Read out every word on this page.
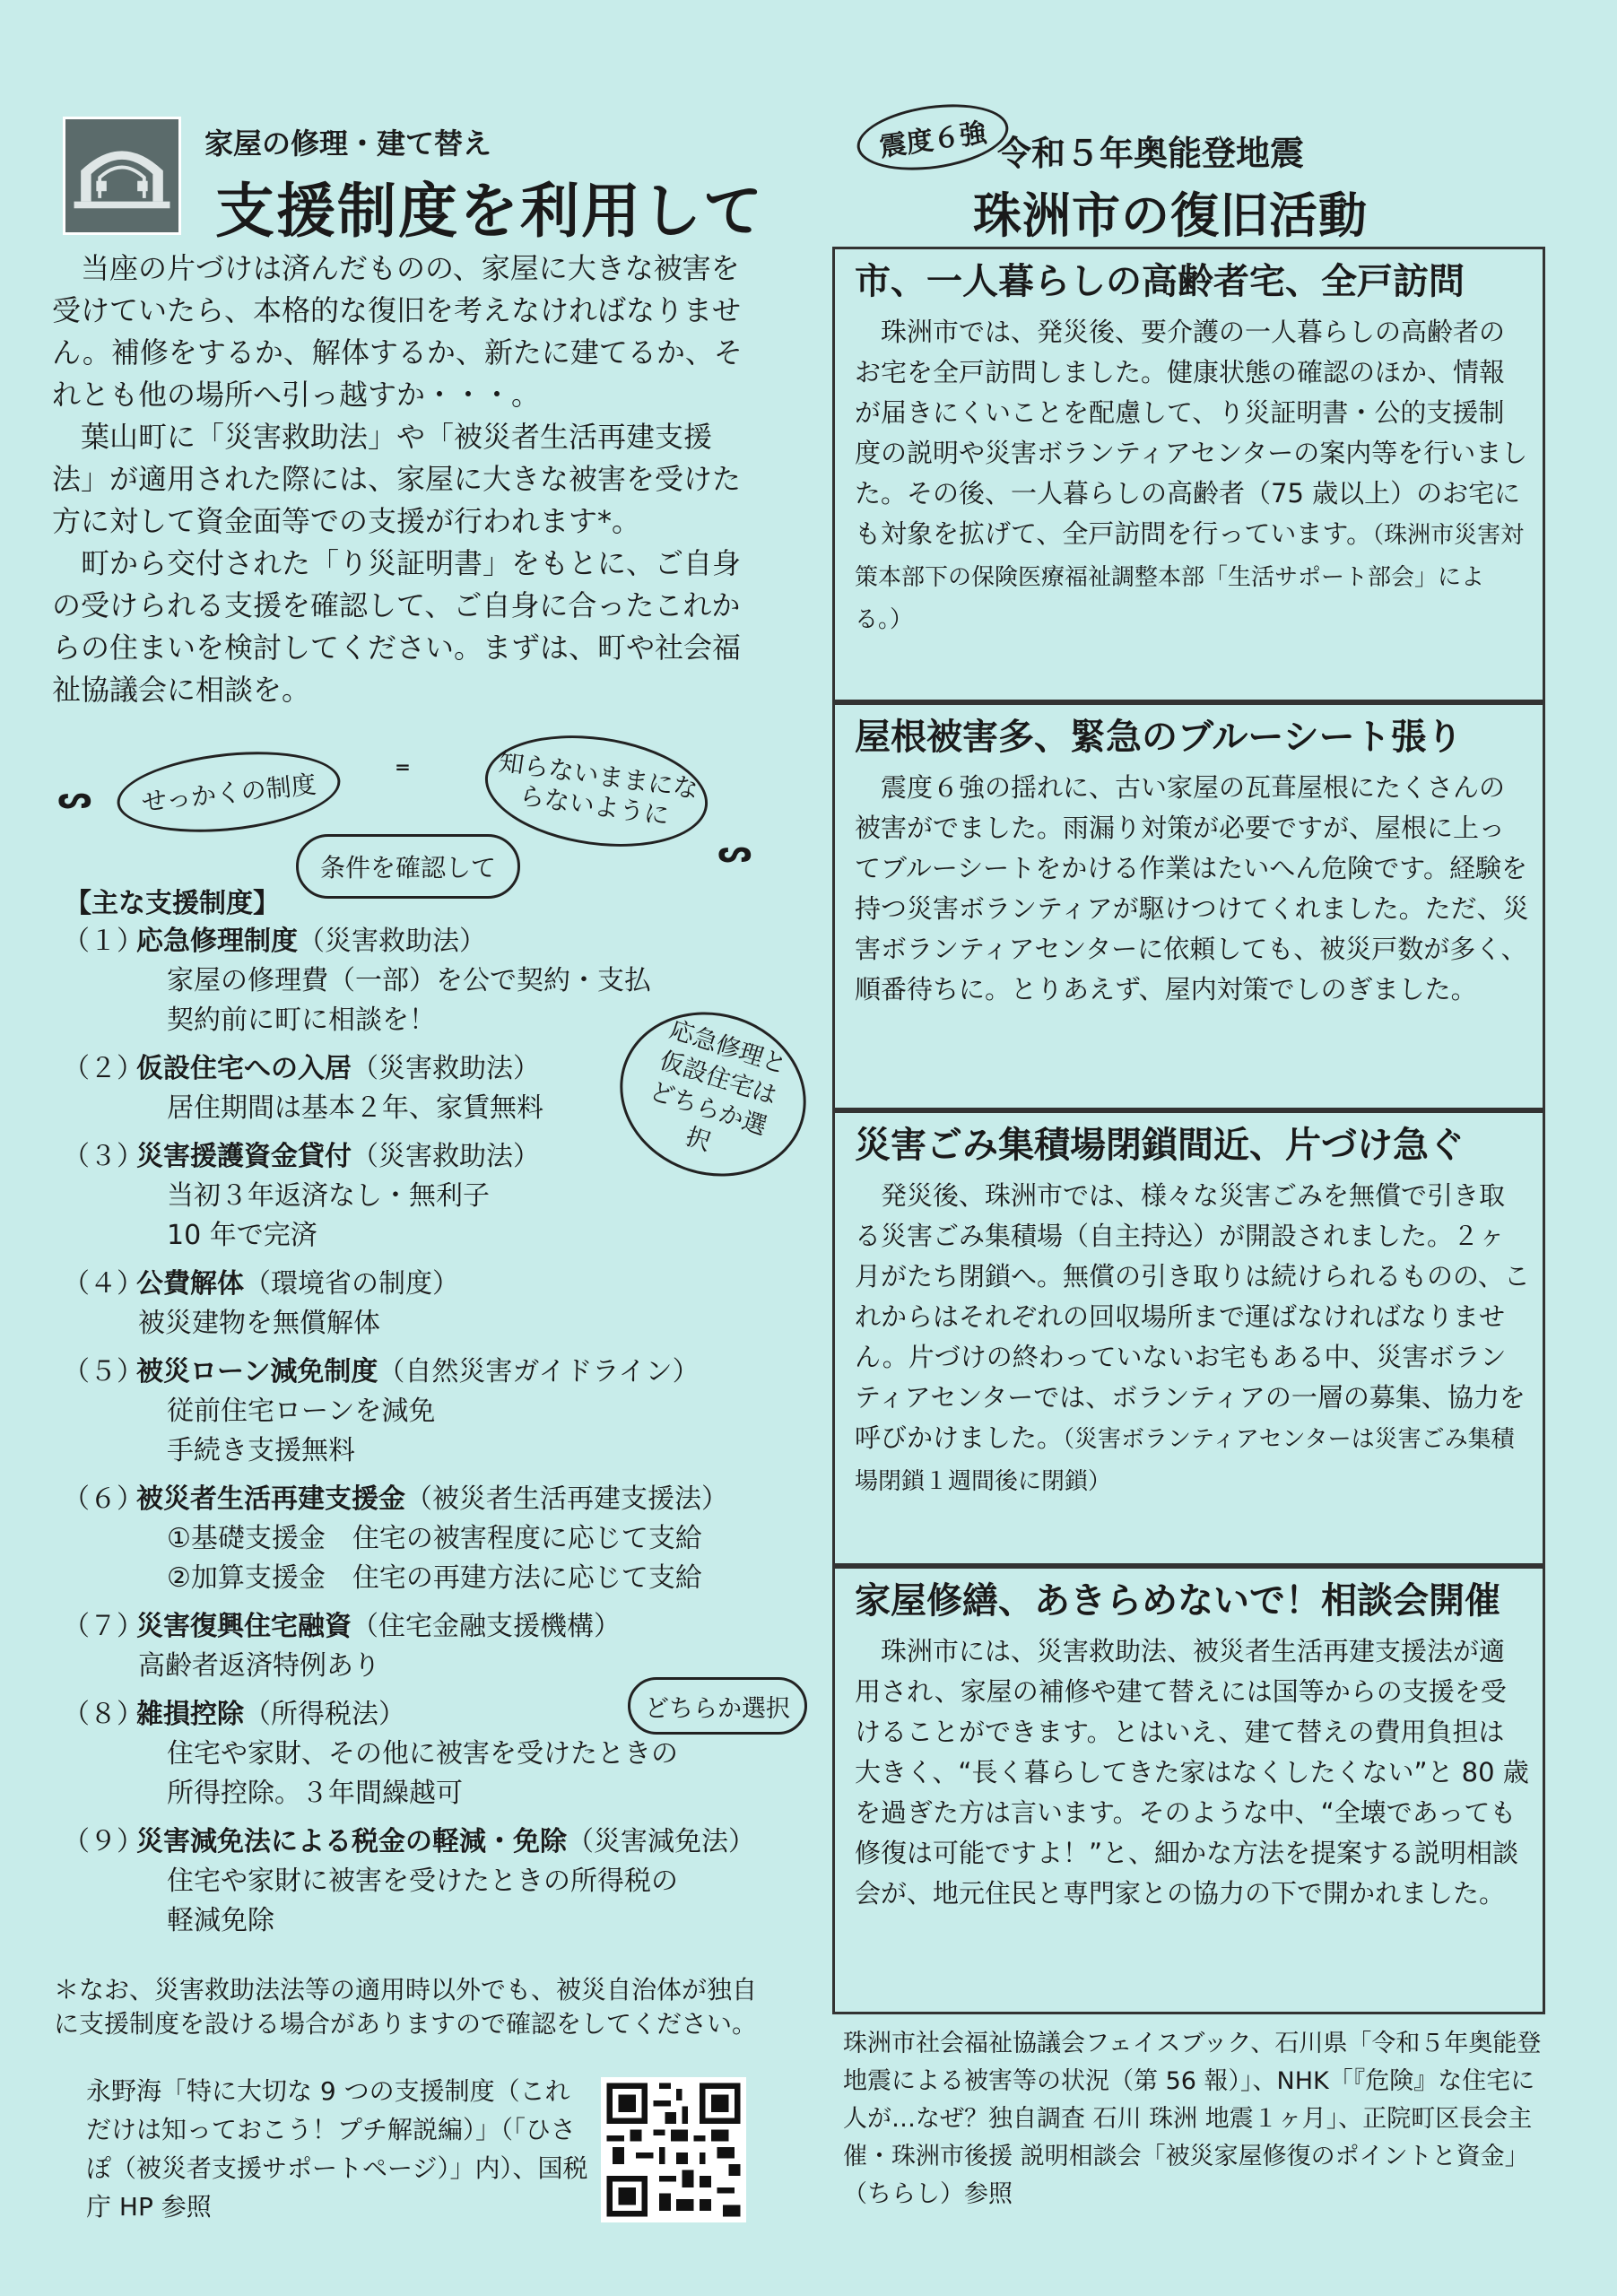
家屋の修理・建て替え
支援制度を利用して

当座の片づけは済んだものの、家屋に大きな被害を受けていたら、本格的な復旧を考えなければなりません。補修をするか、解体するか、新たに建てるか、それとも他の場所へ引っ越すか・・・。

葉山町に「災害救助法」や「被災者生活再建支援法」が適用された際には、家屋に大きな被害を受けた方に対して資金面等での支援が行われます*。

町から交付された「り災証明書」をもとに、ご自身の受けられる支援を確認して、ご自身に合ったこれからの住まいを検討してください。まずは、町や社会福祉協議会に相談を。

せっかくの制度	知らないままにならないように
条件を確認して
応急修理と仮設住宅はどちらか選択
どちらか選択
ᔕ
⁼
ᔕ
【主な支援制度】
（１）応急修理制度（災害救助法）
家屋の修理費（一部）を公で契約・支払
契約前に町に相談を！
（２）仮設住宅への入居（災害救助法）
居住期間は基本２年、家賃無料
（３）災害援護資金貸付（災害救助法）
当初３年返済なし・無利子
10 年で完済
（４）公費解体（環境省の制度）
被災建物を無償解体
（５）被災ローン減免制度（自然災害ガイドライン）
従前住宅ローンを減免
手続き支援無料
（６）被災者生活再建支援金（被災者生活再建支援法）
①基礎支援金　住宅の被害程度に応じて支給
②加算支援金　住宅の再建方法に応じて支給
（７）災害復興住宅融資（住宅金融支援機構）
高齢者返済特例あり
（８）雑損控除（所得税法）
住宅や家財、その他に被害を受けたときの
所得控除。３年間繰越可
（９）災害減免法による税金の軽減・免除（災害減免法）
住宅や家財に被害を受けたときの所得税の
軽減免除
＊なお、災害救助法法等の適用時以外でも、被災自治体が独自に支援制度を設ける場合がありますので確認をしてください。
永野海「特に大切な 9 つの支援制度（これだけは知っておこう！プチ解説編）」（「ひさぽ（被災者支援サポートページ）」内）、国税庁 HP 参照
震度６強 令和５年奥能登地震
珠洲市の復旧活動
市、一人暮らしの高齢者宅、全戸訪問

珠洲市では、発災後、要介護の一人暮らしの高齢者のお宅を全戸訪問しました。健康状態の確認のほか、情報が届きにくいことを配慮して、り災証明書・公的支援制度の説明や災害ボランティアセンターの案内等を行いました。その後、一人暮らしの高齢者（75 歳以上）のお宅にも対象を拡げて、全戸訪問を行っています。（珠洲市災害対策本部下の保険医療福祉調整本部「生活サポート部会」による。）

屋根被害多、緊急のブルーシート張り

震度６強の揺れに、古い家屋の瓦葺屋根にたくさんの被害がでました。雨漏り対策が必要ですが、屋根に上ってブルーシートをかける作業はたいへん危険です。経験を持つ災害ボランティアが駆けつけてくれました。ただ、災害ボランティアセンターに依頼しても、被災戸数が多く、順番待ちに。とりあえず、屋内対策でしのぎました。

災害ごみ集積場閉鎖間近、片づけ急ぐ

発災後、珠洲市では、様々な災害ごみを無償で引き取る災害ごみ集積場（自主持込）が開設されました。２ヶ月がたち閉鎖へ。無償の引き取りは続けられるものの、これからはそれぞれの回収場所まで運ばなければなりません。片づけの終わっていないお宅もある中、災害ボランティアセンターでは、ボランティアの一層の募集、協力を呼びかけました。（災害ボランティアセンターは災害ごみ集積場閉鎖１週間後に閉鎖）

家屋修繕、あきらめないで！相談会開催

珠洲市には、災害救助法、被災者生活再建支援法が適用され、家屋の補修や建て替えには国等からの支援を受けることができます。とはいえ、建て替えの費用負担は大きく、“長く暮らしてきた家はなくしたくない”と 80 歳を過ぎた方は言います。そのような中、“全壊であっても修復は可能ですよ！”と、細かな方法を提案する説明相談会が、地元住民と専門家との協力の下で開かれました。

珠洲市社会福祉協議会フェイスブック、石川県「令和５年奥能登地震による被害等の状況（第 56 報）」、NHK「『危険』な住宅に人が…なぜ？独自調査 石川 珠洲 地震１ヶ月」、正院町区長会主催・珠洲市後援 説明相談会「被災家屋修復のポイントと資金」（ちらし）参照
